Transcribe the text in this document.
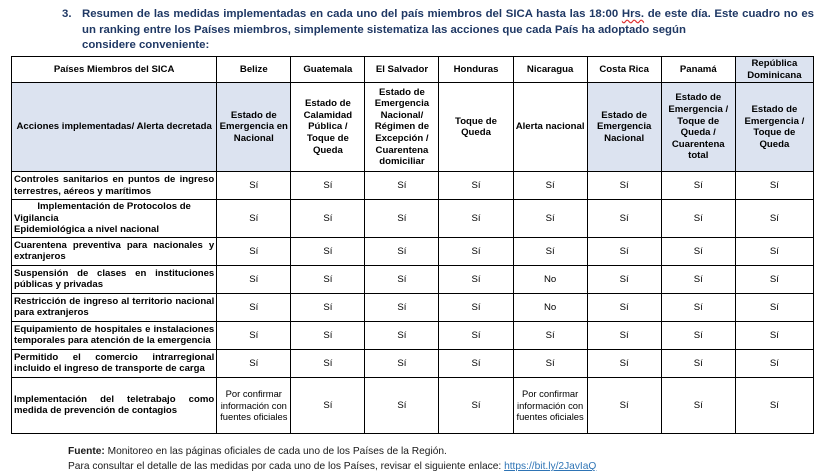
3. Resumen de las medidas implementadas en cada uno del país miembros del SICA hasta las 18:00 Hrs. de este día. Este cuadro no es un ranking entre los Países miembros, simplemente sistematiza las acciones que cada País ha adoptado según
considere conveniente:
Países Miembros del SICA	Belize	Guatemala	El Salvador	Honduras	Nicaragua	Costa Rica	Panamá	República Dominicana
Acciones implementadas/ Alerta decretada	Estado de Emergencia en Nacional	Estado de Calamidad Pública / Toque de Queda	Estado de Emergencia Nacional/ Régimen de Excepción / Cuarentena domiciliar	Toque de Queda	Alerta nacional	Estado de Emergencia Nacional	Estado de Emergencia / Toque de Queda / Cuarentena total	Estado de Emergencia / Toque de Queda
Controles sanitarios en puntos de ingreso
terrestres, aéreos y marítimos	Sí	Sí	Sí	Sí	Sí	Sí	Sí	Sí
Implementación de Protocolos de Vigilancia
Epidemiológica a nivel nacional	Sí	Sí	Sí	Sí	Sí	Sí	Sí	Sí
Cuarentena preventiva para nacionales y
extranjeros	Sí	Sí	Sí	Sí	Sí	Sí	Sí	Sí
Suspensión de clases en instituciones
públicas y privadas	Sí	Sí	Sí	Sí	No	Sí	Sí	Sí
Restricción de ingreso al territorio nacional
para extranjeros	Sí	Sí	Sí	Sí	No	Sí	Sí	Sí
Equipamiento de hospitales e instalaciones
temporales para atención de la emergencia	Sí	Sí	Sí	Sí	Sí	Sí	Sí	Sí
Permitido el comercio intrarregional
incluido el ingreso de transporte de carga	Sí	Sí	Sí	Sí	Sí	Sí	Sí	Sí
Implementación del teletrabajo como
medida de prevención de contagios	Por confirmar información con fuentes oficiales	Sí	Sí	Sí	Por confirmar información con fuentes oficiales	Sí	Sí	Sí
Fuente: Monitoreo en las páginas oficiales de cada uno de los Países de la Región.
Para consultar el detalle de las medidas por cada uno de los Países, revisar el siguiente enlace: https://bit.ly/2JavIaQ
